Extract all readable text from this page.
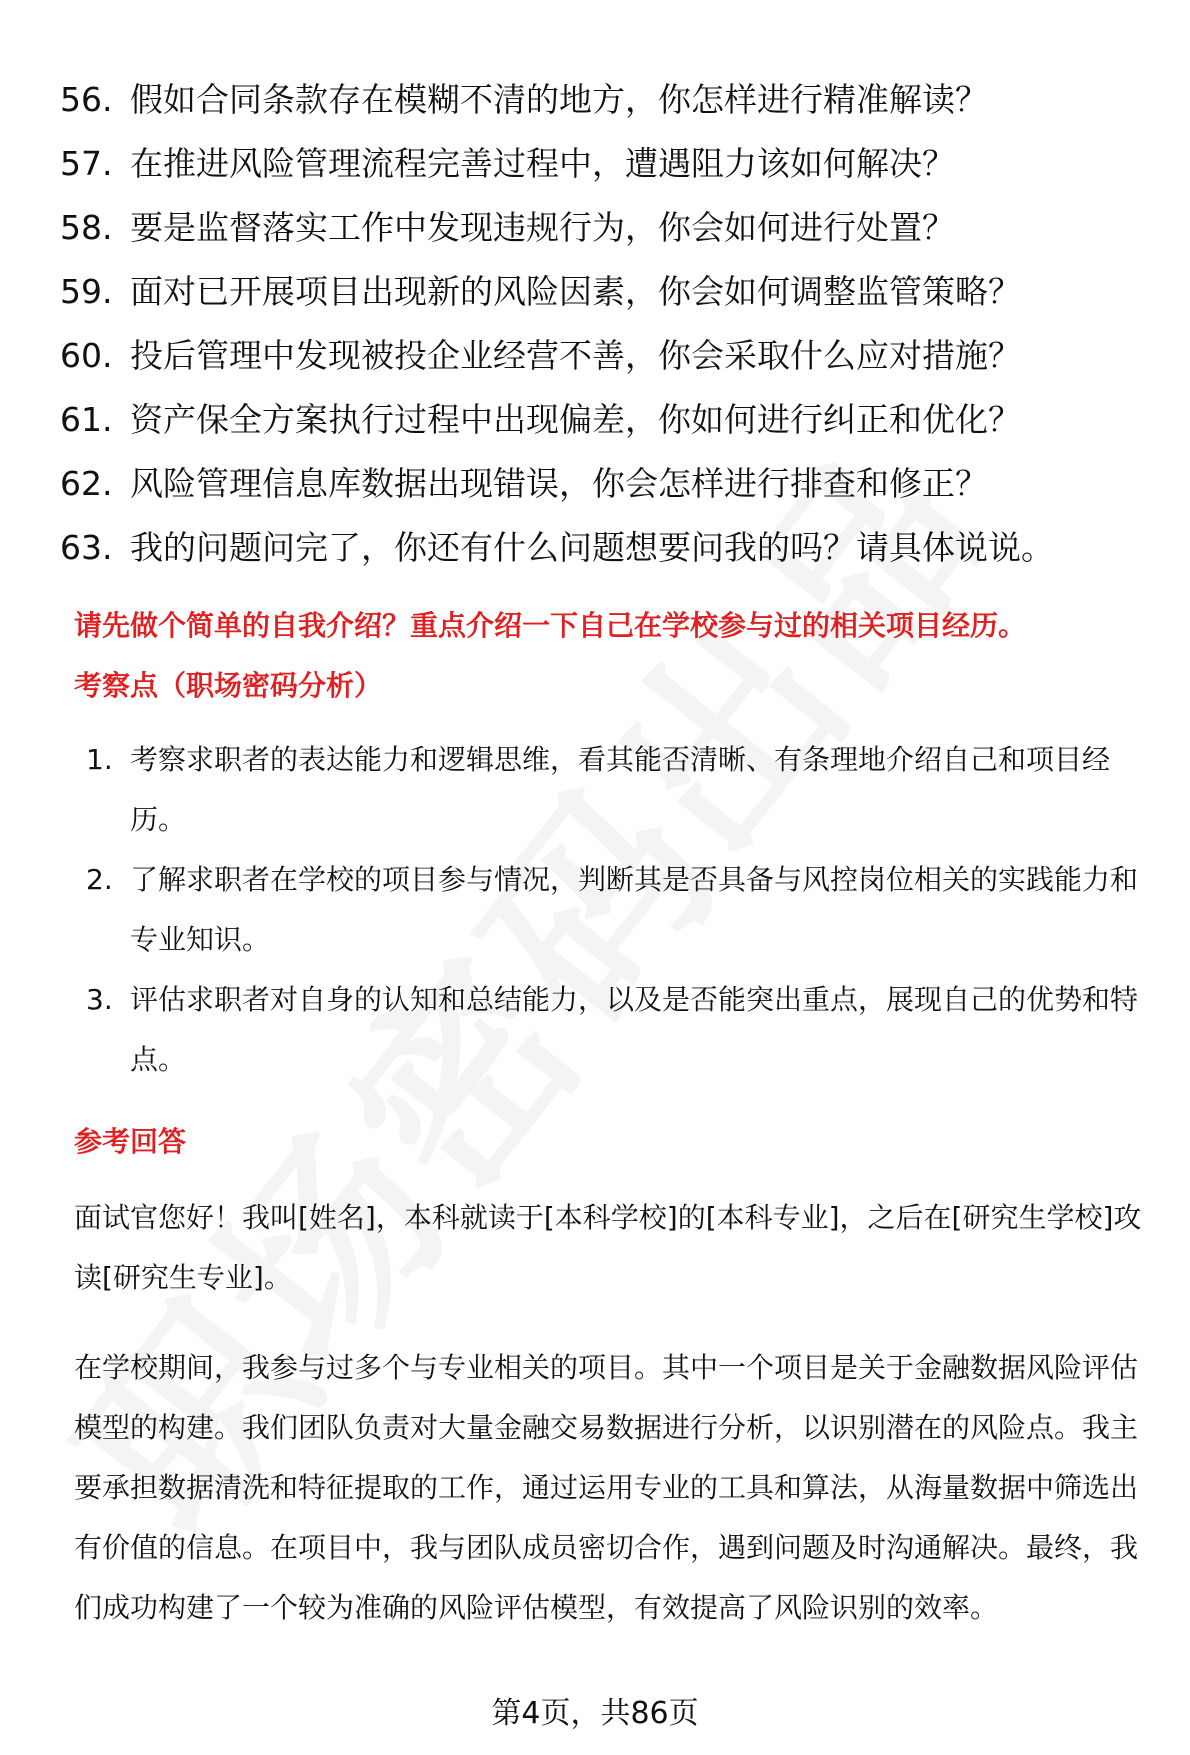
56. 假如合同条款存在模糊不清的地方，你怎样进行精准解读？
57. 在推进风险管理流程完善过程中，遭遇阻力该如何解决？
58. 要是监督落实工作中发现违规行为，你会如何进行处置？
59. 面对已开展项目出现新的风险因素，你会如何调整监管策略？
60. 投后管理中发现被投企业经营不善，你会采取什么应对措施？
61. 资产保全方案执行过程中出现偏差，你如何进行纠正和优化？
62. 风险管理信息库数据出现错误，你会怎样进行排查和修正？
63. 我的问题问完了，你还有什么问题想要问我的吗？请具体说说。
请先做个简单的自我介绍？重点介绍一下自己在学校参与过的相关项目经历。
考察点（职场密码分析）
1. 考察求职者的表达能力和逻辑思维，看其能否清晰、有条理地介绍自己和项目经历。
2. 了解求职者在学校的项目参与情况，判断其是否具备与风控岗位相关的实践能力和专业知识。
3. 评估求职者对自身的认知和总结能力，以及是否能突出重点，展现自己的优势和特点。
参考回答

面试官您好！我叫[姓名]，本科就读于[本科学校]的[本科专业]，之后在[研究生学校]攻读[研究生专业]。

在学校期间，我参与过多个与专业相关的项目。其中一个项目是关于金融数据风险评估模型的构建。我们团队负责对大量金融交易数据进行分析，以识别潜在的风险点。我主要承担数据清洗和特征提取的工作，通过运用专业的工具和算法，从海量数据中筛选出有价值的信息。在项目中，我与团队成员密切合作，遇到问题及时沟通解决。最终，我们成功构建了一个较为准确的风险评估模型，有效提高了风险识别的效率。

第4页，共86页
